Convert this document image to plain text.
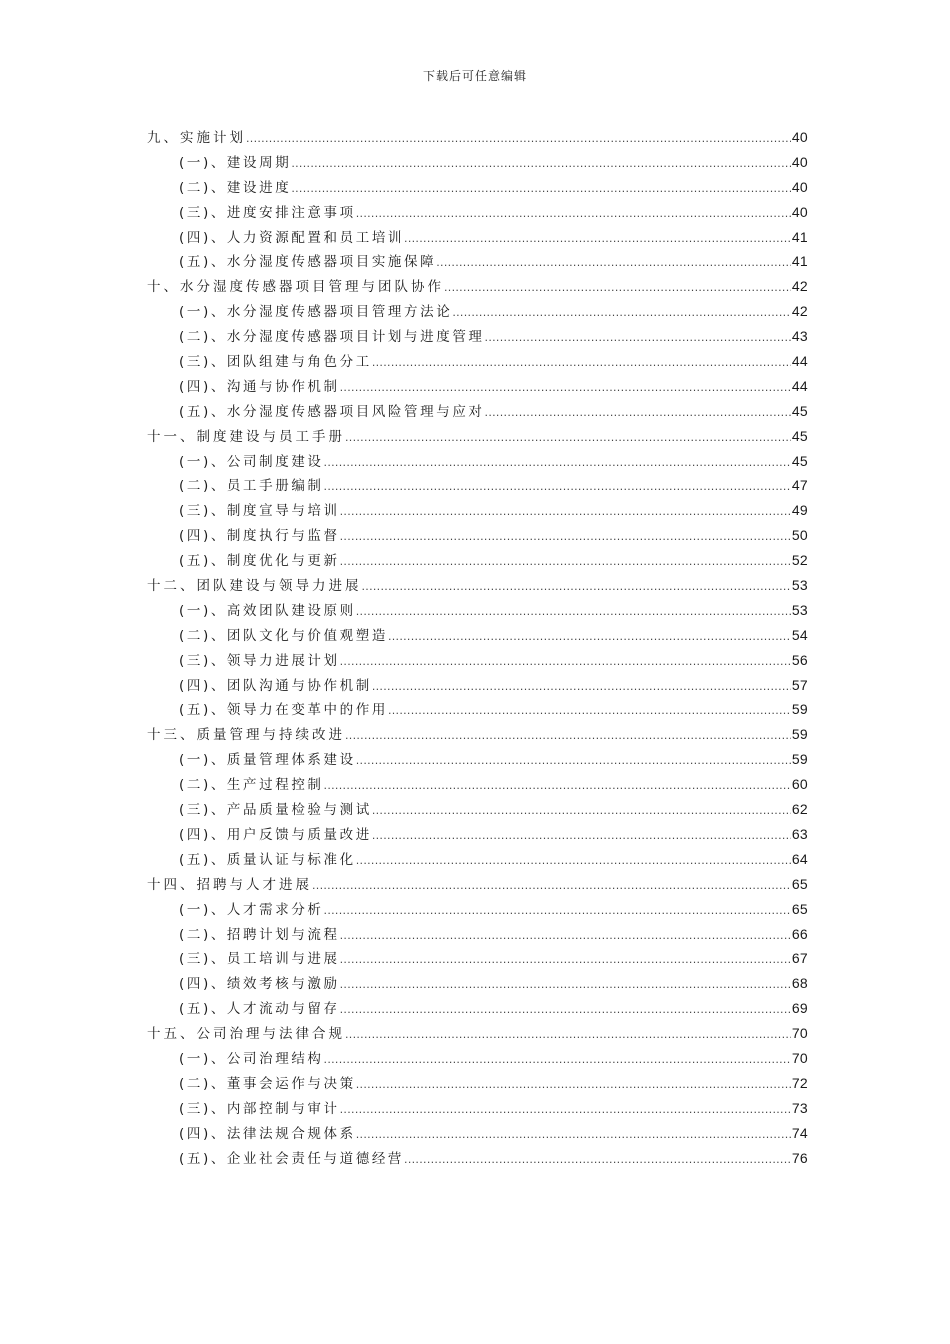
下载后可任意编辑
九、实施计划 .....	40
(一)、建设周期 .....	40
(二)、建设进度 .....	40
(三)、进度安排注意事项 .....	40
(四)、人力资源配置和员工培训 .....	41
(五)、水分湿度传感器项目实施保障 .....	41
十、水分湿度传感器项目管理与团队协作 .....	42
(一)、水分湿度传感器项目管理方法论 .....	42
(二)、水分湿度传感器项目计划与进度管理 .....	43
(三)、团队组建与角色分工 .....	44
(四)、沟通与协作机制 .....	44
(五)、水分湿度传感器项目风险管理与应对 .....	45
十一、制度建设与员工手册 .....	45
(一)、公司制度建设 .....	45
(二)、员工手册编制 .....	47
(三)、制度宣导与培训 .....	49
(四)、制度执行与监督 .....	50
(五)、制度优化与更新 .....	52
十二、团队建设与领导力进展 .....	53
(一)、高效团队建设原则 .....	53
(二)、团队文化与价值观塑造 .....	54
(三)、领导力进展计划 .....	56
(四)、团队沟通与协作机制 .....	57
(五)、领导力在变革中的作用 .....	59
十三、质量管理与持续改进 .....	59
(一)、质量管理体系建设 .....	59
(二)、生产过程控制 .....	60
(三)、产品质量检验与测试 .....	62
(四)、用户反馈与质量改进 .....	63
(五)、质量认证与标准化 .....	64
十四、招聘与人才进展 .....	65
(一)、人才需求分析 .....	65
(二)、招聘计划与流程 .....	66
(三)、员工培训与进展 .....	67
(四)、绩效考核与激励 .....	68
(五)、人才流动与留存 .....	69
十五、公司治理与法律合规 .....	70
(一)、公司治理结构 .....	70
(二)、董事会运作与决策 .....	72
(三)、内部控制与审计 .....	73
(四)、法律法规合规体系 .....	74
(五)、企业社会责任与道德经营 .....	76
